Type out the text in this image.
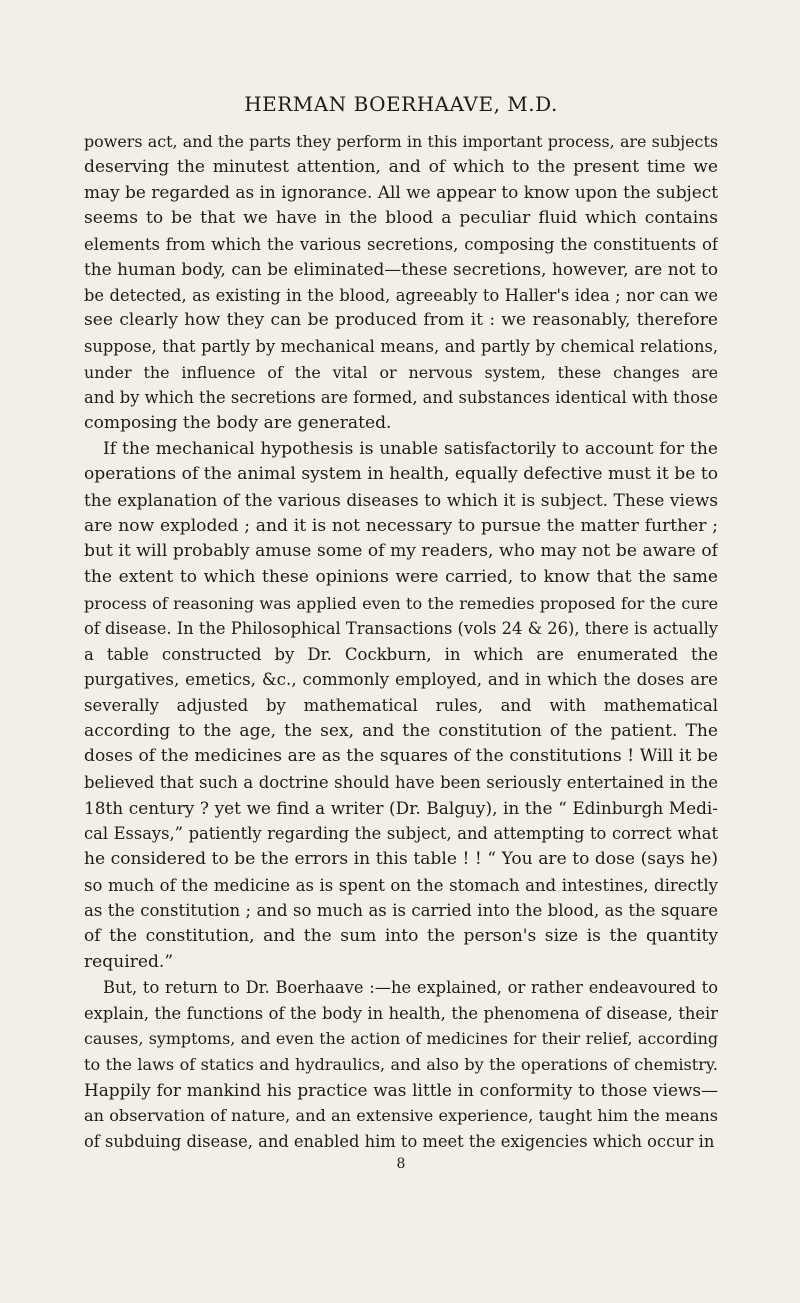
HERMAN BOERHAAVE, M.D.
powers act, and the parts they perform in this important process, are subjects
deserving the minutest attention, and of which to the present time we
may be regarded as in ignorance. All we appear to know upon the subject
seems to be that we have in the blood a peculiar fluid which contains
elements from which the various secretions, composing the constituents of
the human body, can be eliminated—these secretions, however, are not to
be detected, as existing in the blood, agreeably to Haller's idea ; nor can we
see clearly how they can be produced from it : we reasonably, therefore
suppose, that partly by mechanical means, and partly by chemical relations,
under the influence of the vital or nervous system, these changes are
and by which the secretions are formed, and substances identical with those
composing the body are generated.
If the mechanical hypothesis is unable satisfactorily to account for the
operations of the animal system in health, equally defective must it be to
the explanation of the various diseases to which it is subject. These views
are now exploded ; and it is not necessary to pursue the matter further ;
but it will probably amuse some of my readers, who may not be aware of
the extent to which these opinions were carried, to know that the same
process of reasoning was applied even to the remedies proposed for the cure
of disease. In the Philosophical Transactions (vols 24 & 26), there is actually
a table constructed by Dr. Cockburn, in which are enumerated the
purgatives, emetics, &c., commonly employed, and in which the doses are
severally adjusted by mathematical rules, and with mathematical
according to the age, the sex, and the constitution of the patient. The
doses of the medicines are as the squares of the constitutions ! Will it be
believed that such a doctrine should have been seriously entertained in the
18th century ? yet we find a writer (Dr. Balguy), in the “ Edinburgh Medi-
cal Essays,” patiently regarding the subject, and attempting to correct what
he considered to be the errors in this table ! ! “ You are to dose (says he)
so much of the medicine as is spent on the stomach and intestines, directly
as the constitution ; and so much as is carried into the blood, as the square
of the constitution, and the sum into the person's size is the quantity
required.”
But, to return to Dr. Boerhaave :—he explained, or rather endeavoured to
explain, the functions of the body in health, the phenomena of disease, their
causes, symptoms, and even the action of medicines for their relief, according
to the laws of statics and hydraulics, and also by the operations of chemistry.
Happily for mankind his practice was little in conformity to those views—
an observation of nature, and an extensive experience, taught him the means
of subduing disease, and enabled him to meet the exigencies which occur in
8
